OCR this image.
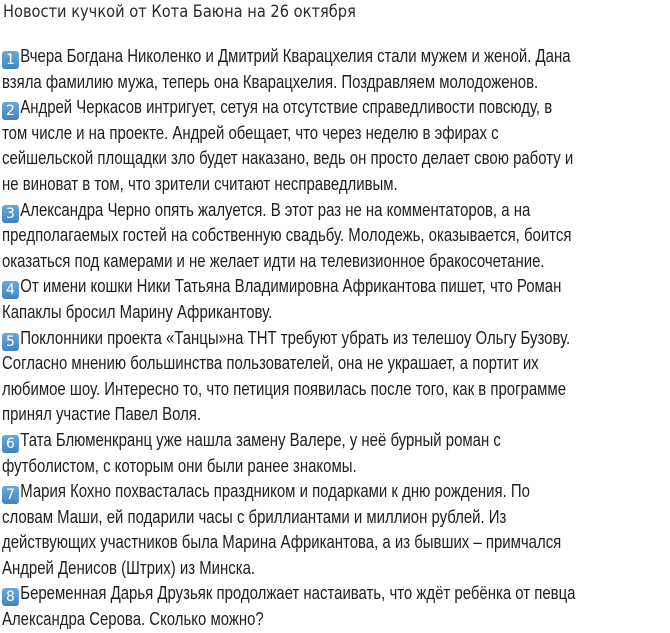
Новости кучкой от Кота Баюна на 26 октября
1 Вчера Богдана Николенко и Дмитрий Кварацхелия стали мужем и женой. Дана
взяла фамилию мужа, теперь она Кварацхелия. Поздравляем молодоженов.
2 Андрей Черкасов интригует, сетуя на отсутствие справедливости повсюду, в
том числе и на проекте. Андрей обещает, что через неделю в эфирах с
сейшельской площадки зло будет наказано, ведь он просто делает свою работу и
не виноват в том, что зрители считают несправедливым.
3 Александра Черно опять жалуется. В этот раз не на комментаторов, а на
предполагаемых гостей на собственную свадьбу. Молодежь, оказывается, боится
оказаться под камерами и не желает идти на телевизионное бракосочетание.
4 От имени кошки Ники Татьяна Владимировна Африкантова пишет, что Роман
Капаклы бросил Марину Африкантову.
5 Поклонники проекта «Танцы»на ТНТ требуют убрать из телешоу Ольгу Бузову.
Согласно мнению большинства пользователей, она не украшает, а портит их
любимое шоу. Интересно то, что петиция появилась после того, как в программе
принял участие Павел Воля.
6 Тата Блюменкранц уже нашла замену Валере, у неё бурный роман с
футболистом, с которым они были ранее знакомы.
7 Мария Кохно похвасталась праздником и подарками к дню рождения. По
словам Маши, ей подарили часы с бриллиантами и миллион рублей. Из
действующих участников была Марина Африкантова, а из бывших – примчался
Андрей Денисов (Штрих) из Минска.
8 Беременная Дарья Друзьяк продолжает настаивать, что ждёт ребёнка от певца
Александра Серова. Сколько можно?
